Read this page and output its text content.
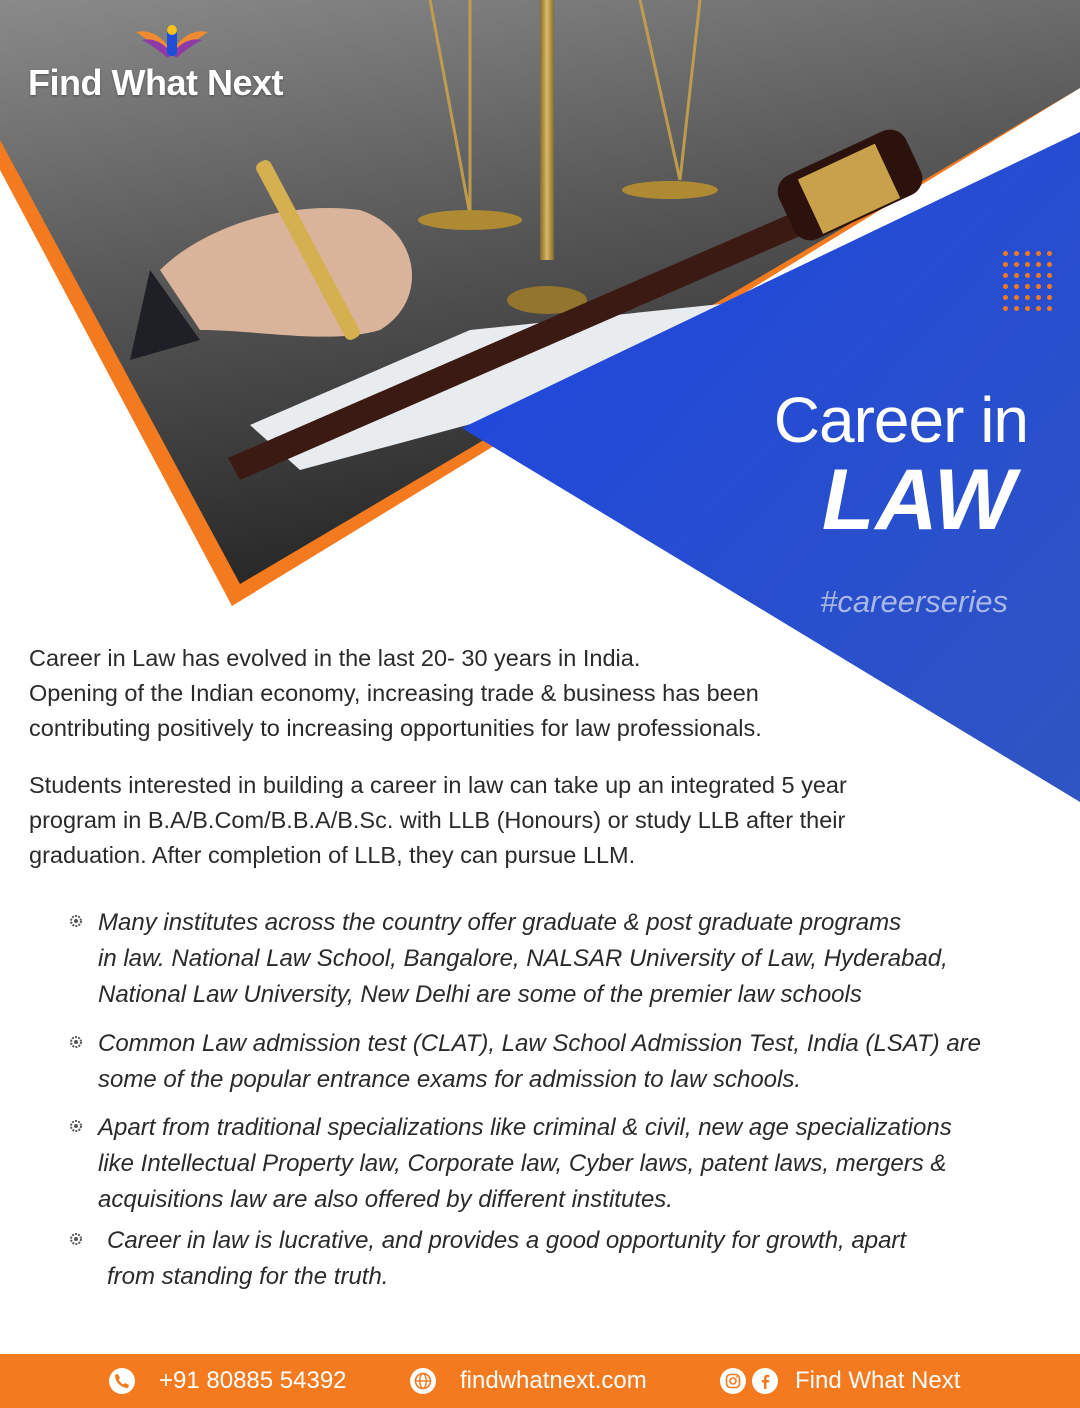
Find What Next
Career in
LAW
#careerseries

Career in Law has evolved in the last 20- 30 years in India.
Opening of the Indian economy, increasing trade & business has been
contributing positively to increasing opportunities for law professionals.

Students interested in building a career in law can take up an integrated 5 year
program in B.A/B.Com/B.B.A/B.Sc. with LLB (Honours) or study LLB after their
graduation. After completion of LLB, they can pursue LLM.

Many institutes across the country offer graduate & post graduate programs
in law. National Law School, Bangalore, NALSAR University of Law, Hyderabad,
National Law University, New Delhi are some of the premier law schools
Common Law admission test (CLAT), Law School Admission Test, India (LSAT) are
some of the popular entrance exams for admission to law schools.
Apart from traditional specializations like criminal & civil, new age specializations
like Intellectual Property law, Corporate law, Cyber laws, patent laws, mergers &
acquisitions law are also offered by different institutes.
Career in law is lucrative, and provides a good opportunity for growth, apart
from standing for the truth.
+91 80885 54392	findwhatnext.com	Find What Next
